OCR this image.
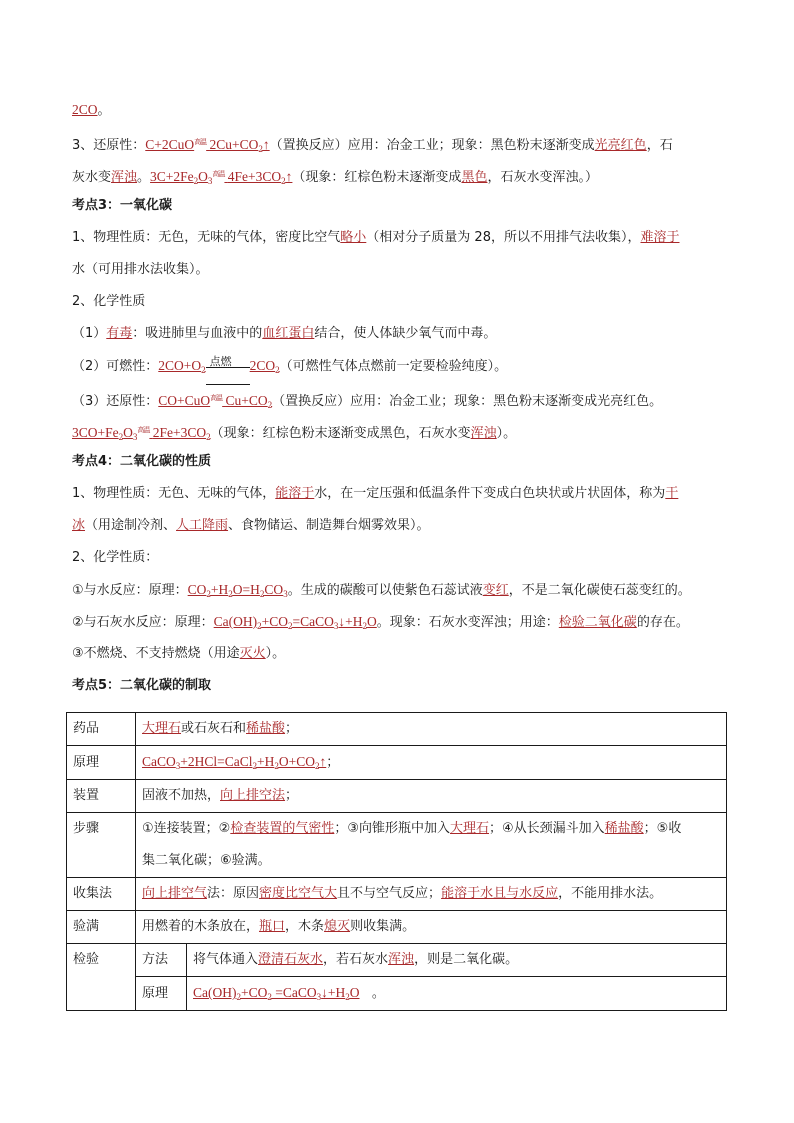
2CO。
3、还原性：C+2CuO高温 $2Cu+CO_2↑$（置换反应）应用：冶金工业；现象：黑色粉末逐渐变成光亮红色，石
灰水变浑浊。$3C+2Fe_2O_3$高温 $4Fe+3CO_2↑$（现象：红棕色粉末逐渐变成黑色，石灰水变浑浊。）
考点3：一氧化碳
1、物理性质：无色，无味的气体，密度比空气略小（相对分子质量为 28，所以不用排气法收集），难溶于
水（可用排水法收集）。
2、化学性质
（1）有毒：吸进肺里与血液中的血红蛋白结合，使人体缺少氧气而中毒。
（2）可燃性：$2CO+O_2$
点燃 $2CO_2$（可燃性气体点燃前一定要检验纯度）。
（3）还原性：CO+CuO高温 $Cu+CO_2$（置换反应）应用：冶金工业；现象：黑色粉末逐渐变成光亮红色。
$3CO+Fe_2O_3$高温 $2Fe+3CO_2$（现象：红棕色粉末逐渐变成黑色，石灰水变浑浊）。
考点4：二氧化碳的性质
1、物理性质：无色、无味的气体，能溶于水，在一定压强和低温条件下变成白色块状或片状固体，称为干
冰（用途制冷剂、人工降雨、食物储运、制造舞台烟雾效果）。
2、化学性质：
①与水反应：原理：$CO_2+H_2O=H_2CO_3$。生成的碳酸可以使紫色石蕊试液变红，不是二氧化碳使石蕊变红的。
②与石灰水反应：原理：$Ca(OH)_2+CO_2=CaCO_3↓+H_2O$。现象：石灰水变浑浊；用途：检验二氧化碳的存在。
③不燃烧、不支持燃烧（用途灭火）。
考点5：二氧化碳的制取
药品	大理石或石灰石和稀盐酸；	
原理	$CaCO_3+2HCl=CaCl_2+H_2O+CO_2↑$；	
装置	固液不加热，向上排空法；	
步骤	①连接装置；②检查装置的气密性；③向锥形瓶中加入大理石；④从长颈漏斗加入稀盐酸；⑤收
集二氧化碳；⑥验满。	
收集法	向上排空气法：原因密度比空气大且不与空气反应；能溶于水且与水反应，不能用排水法。	
验满	用燃着的木条放在，瓶口，木条熄灭则收集满。	
检验	方法	将气体通入澄清石灰水，若石灰水浑浊，则是二氧化碳。
	原理	$Ca(OH)_2+CO_2$ $=CaCO_3↓+H_2O$ 。
